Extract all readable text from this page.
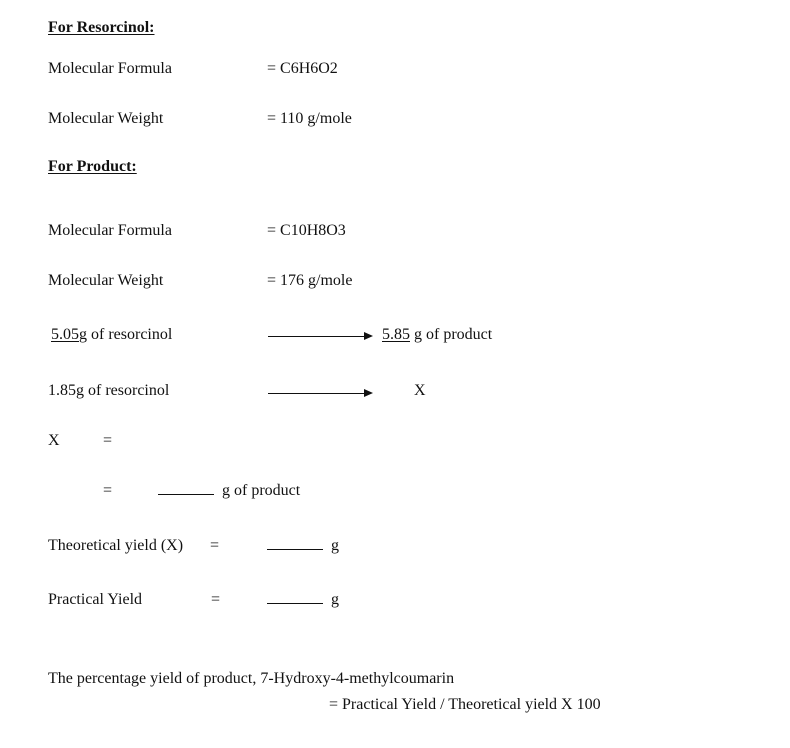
For Resorcinol:
Molecular Formula	= C6H6O2
Molecular Weight	= 110 g/mole
For Product:
Molecular Formula	= C10H8O3
Molecular Weight	= 176 g/mole
5.05g of resorcinol	5.85 g of product
1.85g of resorcinol	X
X	=
=	g of product
Theoretical yield (X) =	g
Practical Yield	=	g
The percentage yield of product, 7-Hydroxy-4-methylcoumarin
= Practical Yield / Theoretical yield X 100
